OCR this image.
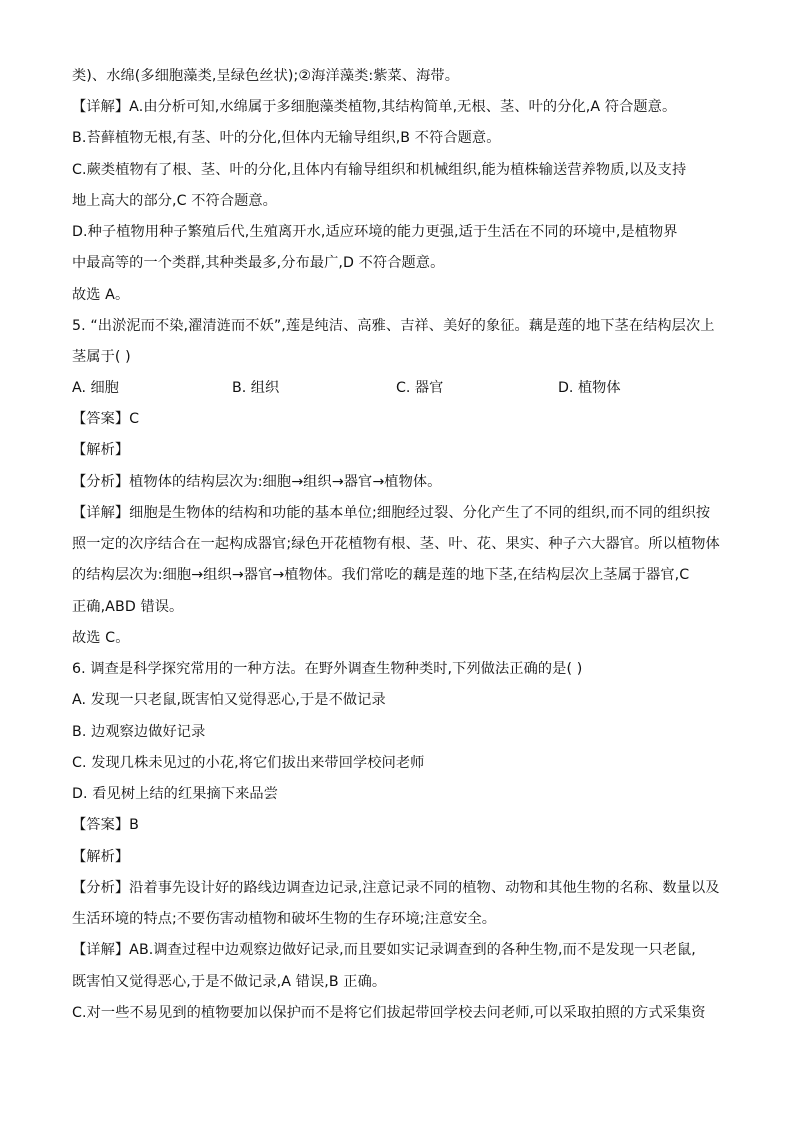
类)、水绵(多细胞藻类,呈绿色丝状);②海洋藻类:紫菜、海带。
【详解】A.由分析可知,水绵属于多细胞藻类植物,其结构简单,无根、茎、叶的分化,A 符合题意。
B.苔藓植物无根,有茎、叶的分化,但体内无输导组织,B 不符合题意。
C.蕨类植物有了根、茎、叶的分化,且体内有输导组织和机械组织,能为植株输送营养物质,以及支持
地上高大的部分,C 不符合题意。
D.种子植物用种子繁殖后代,生殖离开水,适应环境的能力更强,适于生活在不同的环境中,是植物界
中最高等的一个类群,其种类最多,分布最广,D 不符合题意。
故选 A。
5. “出淤泥而不染,濯清涟而不妖”,莲是纯洁、高雅、吉祥、美好的象征。藕是莲的地下茎在结构层次上
茎属于( )
A. 细胞	B. 组织	C. 器官	D. 植物体
【答案】C
【解析】
【分析】植物体的结构层次为:细胞→组织→器官→植物体。
【详解】细胞是生物体的结构和功能的基本单位;细胞经过裂、分化产生了不同的组织,而不同的组织按
照一定的次序结合在一起构成器官;绿色开花植物有根、茎、叶、花、果实、种子六大器官。所以植物体
的结构层次为:细胞→组织→器官→植物体。我们常吃的藕是莲的地下茎,在结构层次上茎属于器官,C
正确,ABD 错误。
故选 C。
6. 调查是科学探究常用的一种方法。在野外调查生物种类时,下列做法正确的是( )
A. 发现一只老鼠,既害怕又觉得恶心,于是不做记录
B. 边观察边做好记录
C. 发现几株未见过的小花,将它们拔出来带回学校问老师
D. 看见树上结的红果摘下来品尝
【答案】B
【解析】
【分析】沿着事先设计好的路线边调查边记录,注意记录不同的植物、动物和其他生物的名称、数量以及
生活环境的特点;不要伤害动植物和破坏生物的生存环境;注意安全。
【详解】AB.调查过程中边观察边做好记录,而且要如实记录调查到的各种生物,而不是发现一只老鼠,
既害怕又觉得恶心,于是不做记录,A 错误,B 正确。
C.对一些不易见到的植物要加以保护而不是将它们拔起带回学校去问老师,可以采取拍照的方式采集资
